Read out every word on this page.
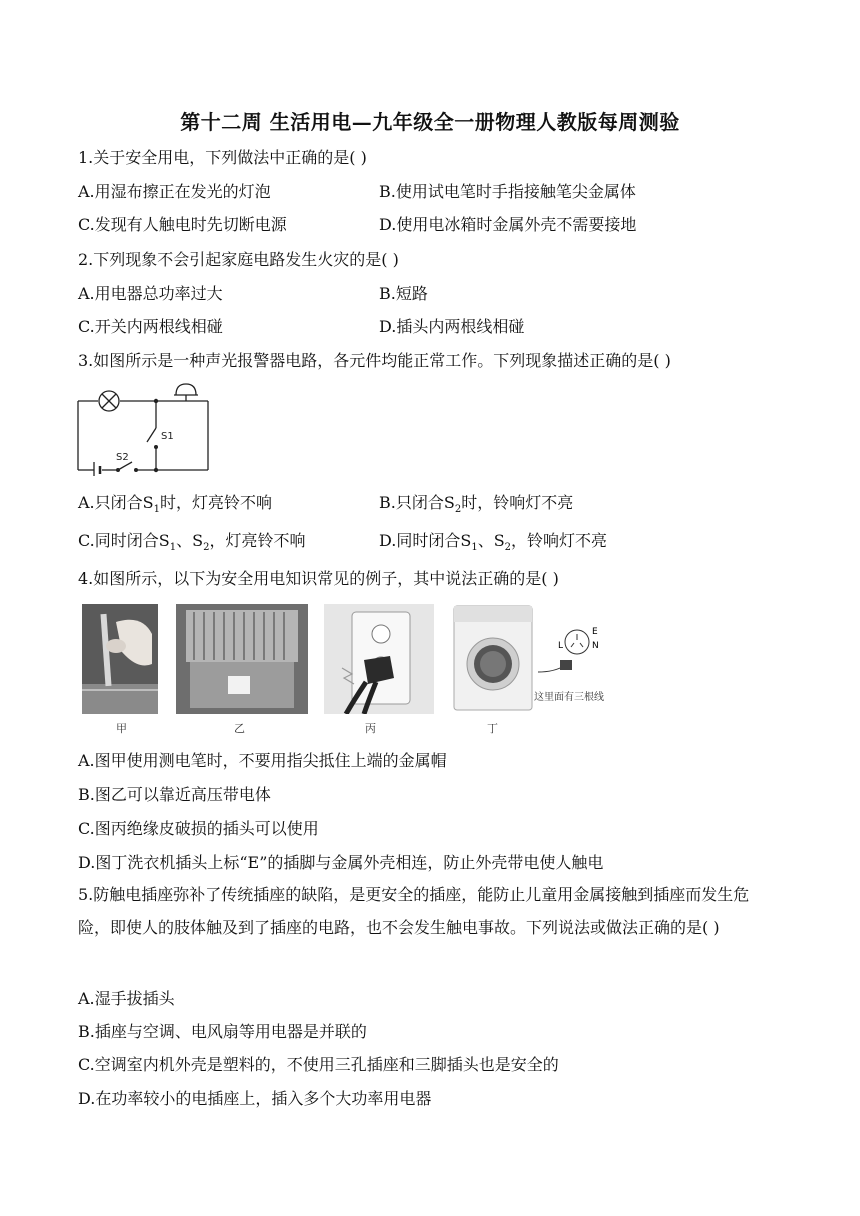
第十二周 生活用电—九年级全一册物理人教版每周测验
1.关于安全用电，下列做法中正确的是( )
A.用湿布擦正在发光的灯泡	B.使用试电笔时手指接触笔尖金属体
C.发现有人触电时先切断电源	D.使用电冰箱时金属外壳不需要接地
2.下列现象不会引起家庭电路发生火灾的是( )
A.用电器总功率过大	B.短路
C.开关内两根线相碰	D.插头内两根线相碰
3.如图所示是一种声光报警器电路，各元件均能正常工作。下列现象描述正确的是( )
S1
S2
A.只闭合$S_1$时，灯亮铃不响	B.只闭合$S_2$时，铃响灯不亮
C.同时闭合$S_1$、$S_2$，灯亮铃不响	D.同时闭合$S_1$、$S_2$，铃响灯不亮
4.如图所示，以下为安全用电知识常见的例子，其中说法正确的是( )
E
N
L
这里面有三根线
甲	乙	丙	丁
A.图甲使用测电笔时，不要用指尖抵住上端的金属帽
B.图乙可以靠近高压带电体
C.图丙绝缘皮破损的插头可以使用
D.图丁洗衣机插头上标“E”的插脚与金属外壳相连，防止外壳带电使人触电
5.防触电插座弥补了传统插座的缺陷，是更安全的插座，能防止儿童用金属接触到插座而发生危险，即使人的肢体触及到了插座的电路，也不会发生触电事故。下列说法或做法正确的是( )
A.湿手拔插头
B.插座与空调、电风扇等用电器是并联的
C.空调室内机外壳是塑料的，不使用三孔插座和三脚插头也是安全的
D.在功率较小的电插座上，插入多个大功率用电器
